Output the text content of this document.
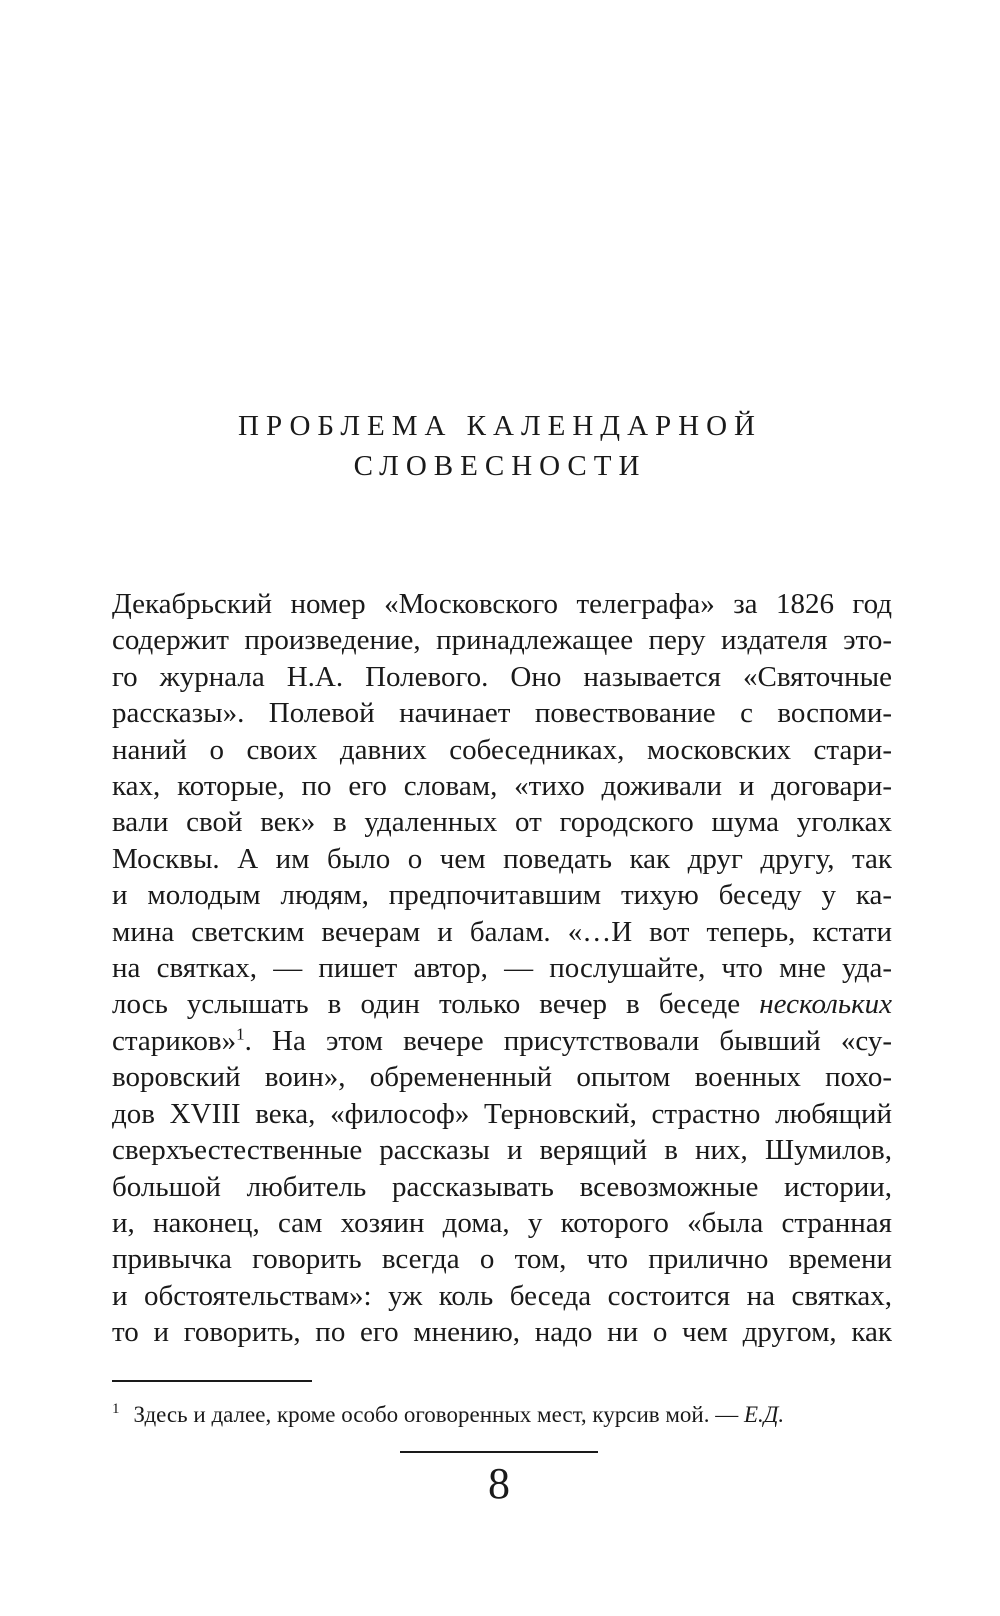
ПРОБЛЕМА КАЛЕНДАРНОЙ
СЛОВЕСНОСТИ
Декабрьский номер «Московского телеграфа» за 1826 год
содержит произведение, принадлежащее перу издателя это-
го журнала Н.А. Полевого. Оно называется «Святочные
рассказы». Полевой начинает повествование с воспоми-
наний о своих давних собеседниках, московских стари-
ках, которые, по его словам, «тихо доживали и договари-
вали свой век» в удаленных от городского шума уголках
Москвы. А им было о чем поведать как друг другу, так
и молодым людям, предпочитавшим тихую беседу у ка-
мина светским вечерам и балам. «…И вот теперь, кстати
на святках, — пишет автор, — послушайте, что мне уда-
лось услышать в один только вечер в беседе нескольких
стариков»$^1$. На этом вечере присутствовали бывший «су-
воровский воин», обремененный опытом военных похо-
дов XVIII века, «философ» Терновский, страстно любящий
сверхъестественные рассказы и верящий в них, Шумилов,
большой любитель рассказывать всевозможные истории,
и, наконец, сам хозяин дома, у которого «была странная
привычка говорить всегда о том, что прилично времени
и обстоятельствам»: уж коль беседа состоится на святках,
то и говорить, по его мнению, надо ни о чем другом, как

$^1$ Здесь и далее, кроме особо оговоренных мест, курсив мой. — Е.Д.

8
